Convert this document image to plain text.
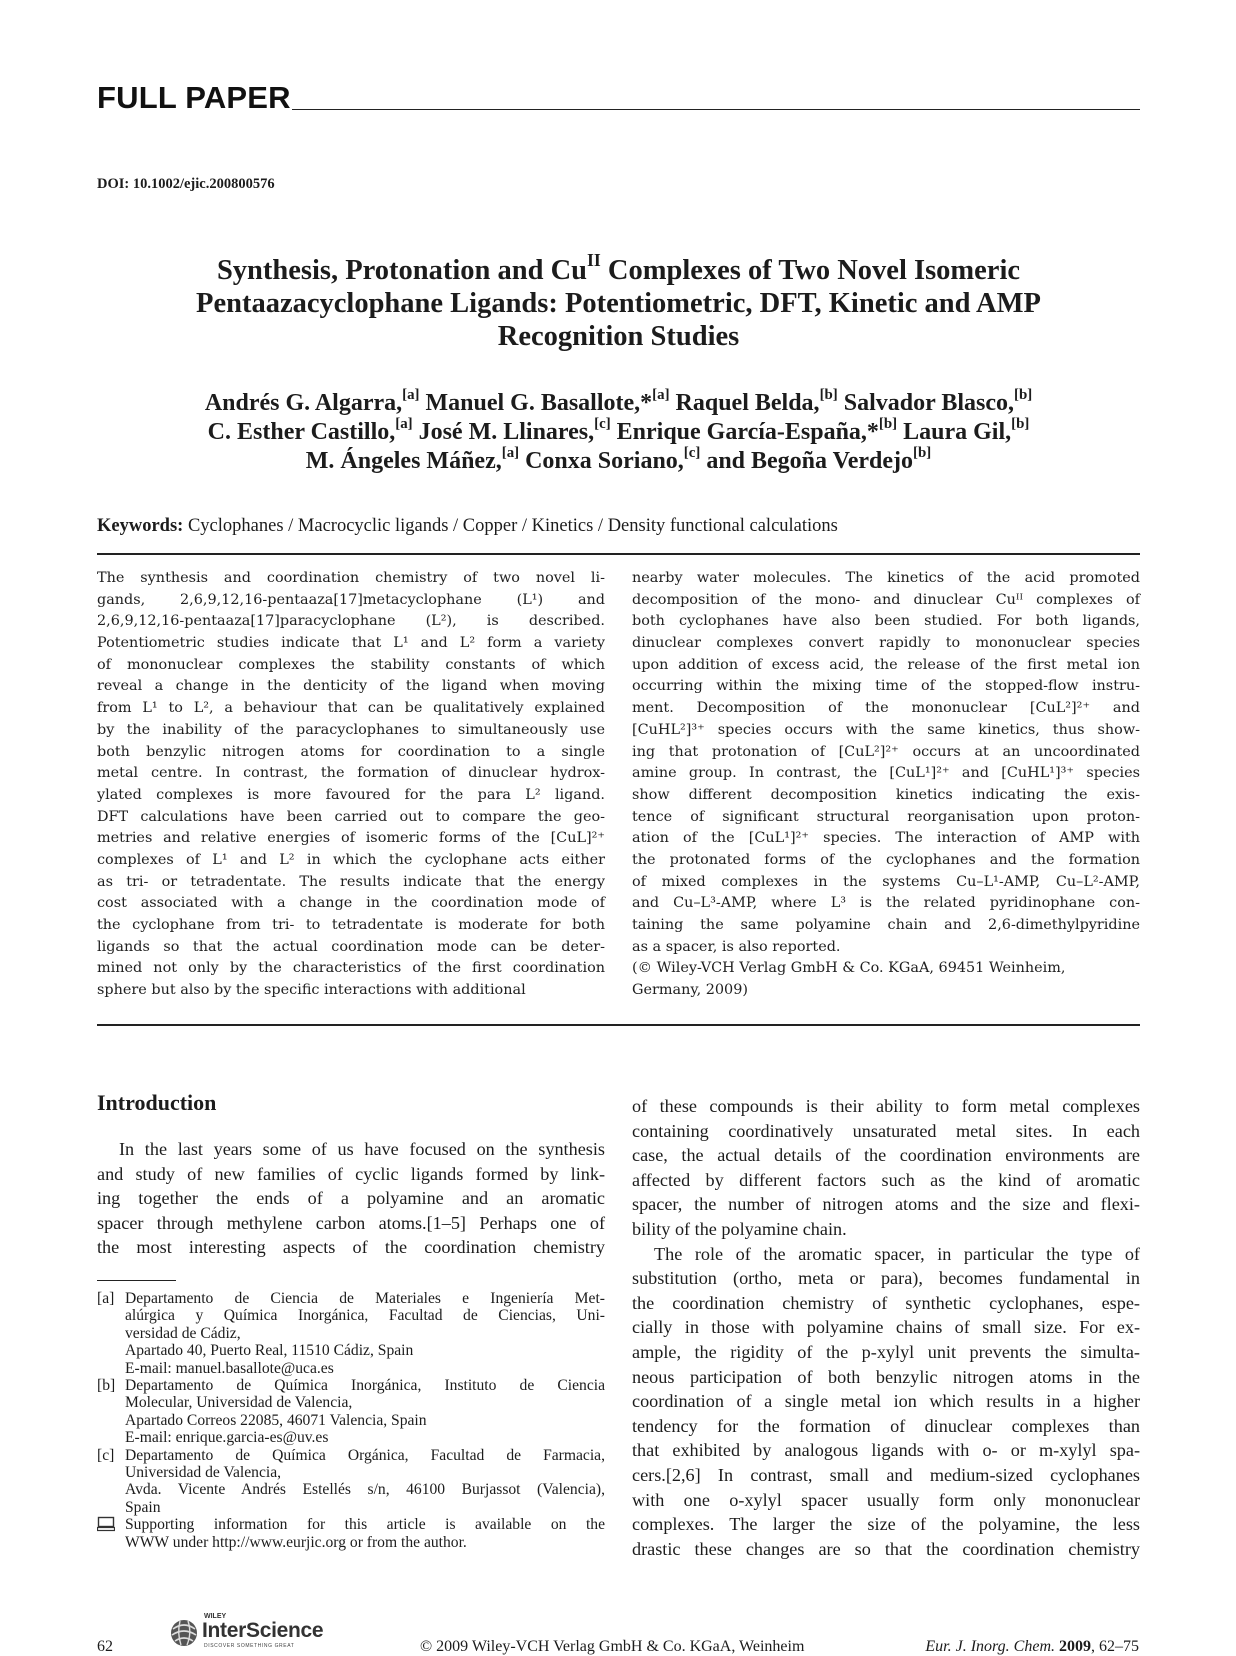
FULL PAPER
DOI: 10.1002/ejic.200800576
Synthesis, Protonation and $Cu^{II}$ Complexes of Two Novel Isomeric
Pentaazacyclophane Ligands: Potentiometric, DFT, Kinetic and AMP
Recognition Studies
Andrés G. Algarra,[a] Manuel G. Basallote,*[a] Raquel Belda,[b] Salvador Blasco,[b]
C. Esther Castillo,[a] José M. Llinares,[c] Enrique García-España,*[b] Laura Gil,[b]
M. Ángeles Máñez,[a] Conxa Soriano,[c] and Begoña Verdejo[b]
Keywords: Cyclophanes / Macrocyclic ligands / Copper / Kinetics / Density functional calculations
The synthesis and coordination chemistry of two novel li-
gands, 2,6,9,12,16-pentaaza[17]metacyclophane (L¹) and
2,6,9,12,16-pentaaza[17]paracyclophane (L²), is described.
Potentiometric studies indicate that L¹ and L² form a variety
of mononuclear complexes the stability constants of which
reveal a change in the denticity of the ligand when moving
from L¹ to L², a behaviour that can be qualitatively explained
by the inability of the paracyclophanes to simultaneously use
both benzylic nitrogen atoms for coordination to a single
metal centre. In contrast, the formation of dinuclear hydrox-
ylated complexes is more favoured for the para L² ligand.
DFT calculations have been carried out to compare the geo-
metries and relative energies of isomeric forms of the [CuL]²⁺
complexes of L¹ and L² in which the cyclophane acts either
as tri- or tetradentate. The results indicate that the energy
cost associated with a change in the coordination mode of
the cyclophane from tri- to tetradentate is moderate for both
ligands so that the actual coordination mode can be deter-
mined not only by the characteristics of the first coordination
sphere but also by the specific interactions with additional
nearby water molecules. The kinetics of the acid promoted
decomposition of the mono- and dinuclear Cuᴵᴵ complexes of
both cyclophanes have also been studied. For both ligands,
dinuclear complexes convert rapidly to mononuclear species
upon addition of excess acid, the release of the first metal ion
occurring within the mixing time of the stopped-flow instru-
ment. Decomposition of the mononuclear [CuL²]²⁺ and
[CuHL²]³⁺ species occurs with the same kinetics, thus show-
ing that protonation of [CuL²]²⁺ occurs at an uncoordinated
amine group. In contrast, the [CuL¹]²⁺ and [CuHL¹]³⁺ species
show different decomposition kinetics indicating the exis-
tence of significant structural reorganisation upon proton-
ation of the [CuL¹]²⁺ species. The interaction of AMP with
the protonated forms of the cyclophanes and the formation
of mixed complexes in the systems Cu–L¹-AMP, Cu–L²-AMP,
and Cu–L³-AMP, where L³ is the related pyridinophane con-
taining the same polyamine chain and 2,6-dimethylpyridine
as a spacer, is also reported.
(© Wiley-VCH Verlag GmbH & Co. KGaA, 69451 Weinheim,
Germany, 2009)
Introduction
In the last years some of us have focused on the synthesis
and study of new families of cyclic ligands formed by link-
ing together the ends of a polyamine and an aromatic
spacer through methylene carbon atoms.[1–5] Perhaps one of
the most interesting aspects of the coordination chemistry
of these compounds is their ability to form metal complexes
containing coordinatively unsaturated metal sites. In each
case, the actual details of the coordination environments are
affected by different factors such as the kind of aromatic
spacer, the number of nitrogen atoms and the size and flexi-
bility of the polyamine chain.
The role of the aromatic spacer, in particular the type of
substitution (ortho, meta or para), becomes fundamental in
the coordination chemistry of synthetic cyclophanes, espe-
cially in those with polyamine chains of small size. For ex-
ample, the rigidity of the p-xylyl unit prevents the simulta-
neous participation of both benzylic nitrogen atoms in the
coordination of a single metal ion which results in a higher
tendency for the formation of dinuclear complexes than
that exhibited by analogous ligands with o- or m-xylyl spa-
cers.[2,6] In contrast, small and medium-sized cyclophanes
with one o-xylyl spacer usually form only mononuclear
complexes. The larger the size of the polyamine, the less
drastic these changes are so that the coordination chemistry
[a] Departamento de Ciencia de Materiales e Ingeniería Met-
alúrgica y Química Inorgánica, Facultad de Ciencias, Uni-
versidad de Cádiz,
Apartado 40, Puerto Real, 11510 Cádiz, Spain
E-mail: manuel.basallote@uca.es
[b] Departamento de Química Inorgánica, Instituto de Ciencia
Molecular, Universidad de Valencia,
Apartado Correos 22085, 46071 Valencia, Spain
E-mail: enrique.garcia-es@uv.es
[c] Departamento de Química Orgánica, Facultad de Farmacia,
Universidad de Valencia,
Avda. Vicente Andrés Estellés s/n, 46100 Burjassot (Valencia),
Spain
Supporting information for this article is available on the
WWW under http://www.eurjic.org or from the author.
62
WILEY
InterScience
DISCOVER SOMETHING GREAT	© 2009 Wiley-VCH Verlag GmbH & Co. KGaA, Weinheim	Eur. J. Inorg. Chem. 2009, 62–75
